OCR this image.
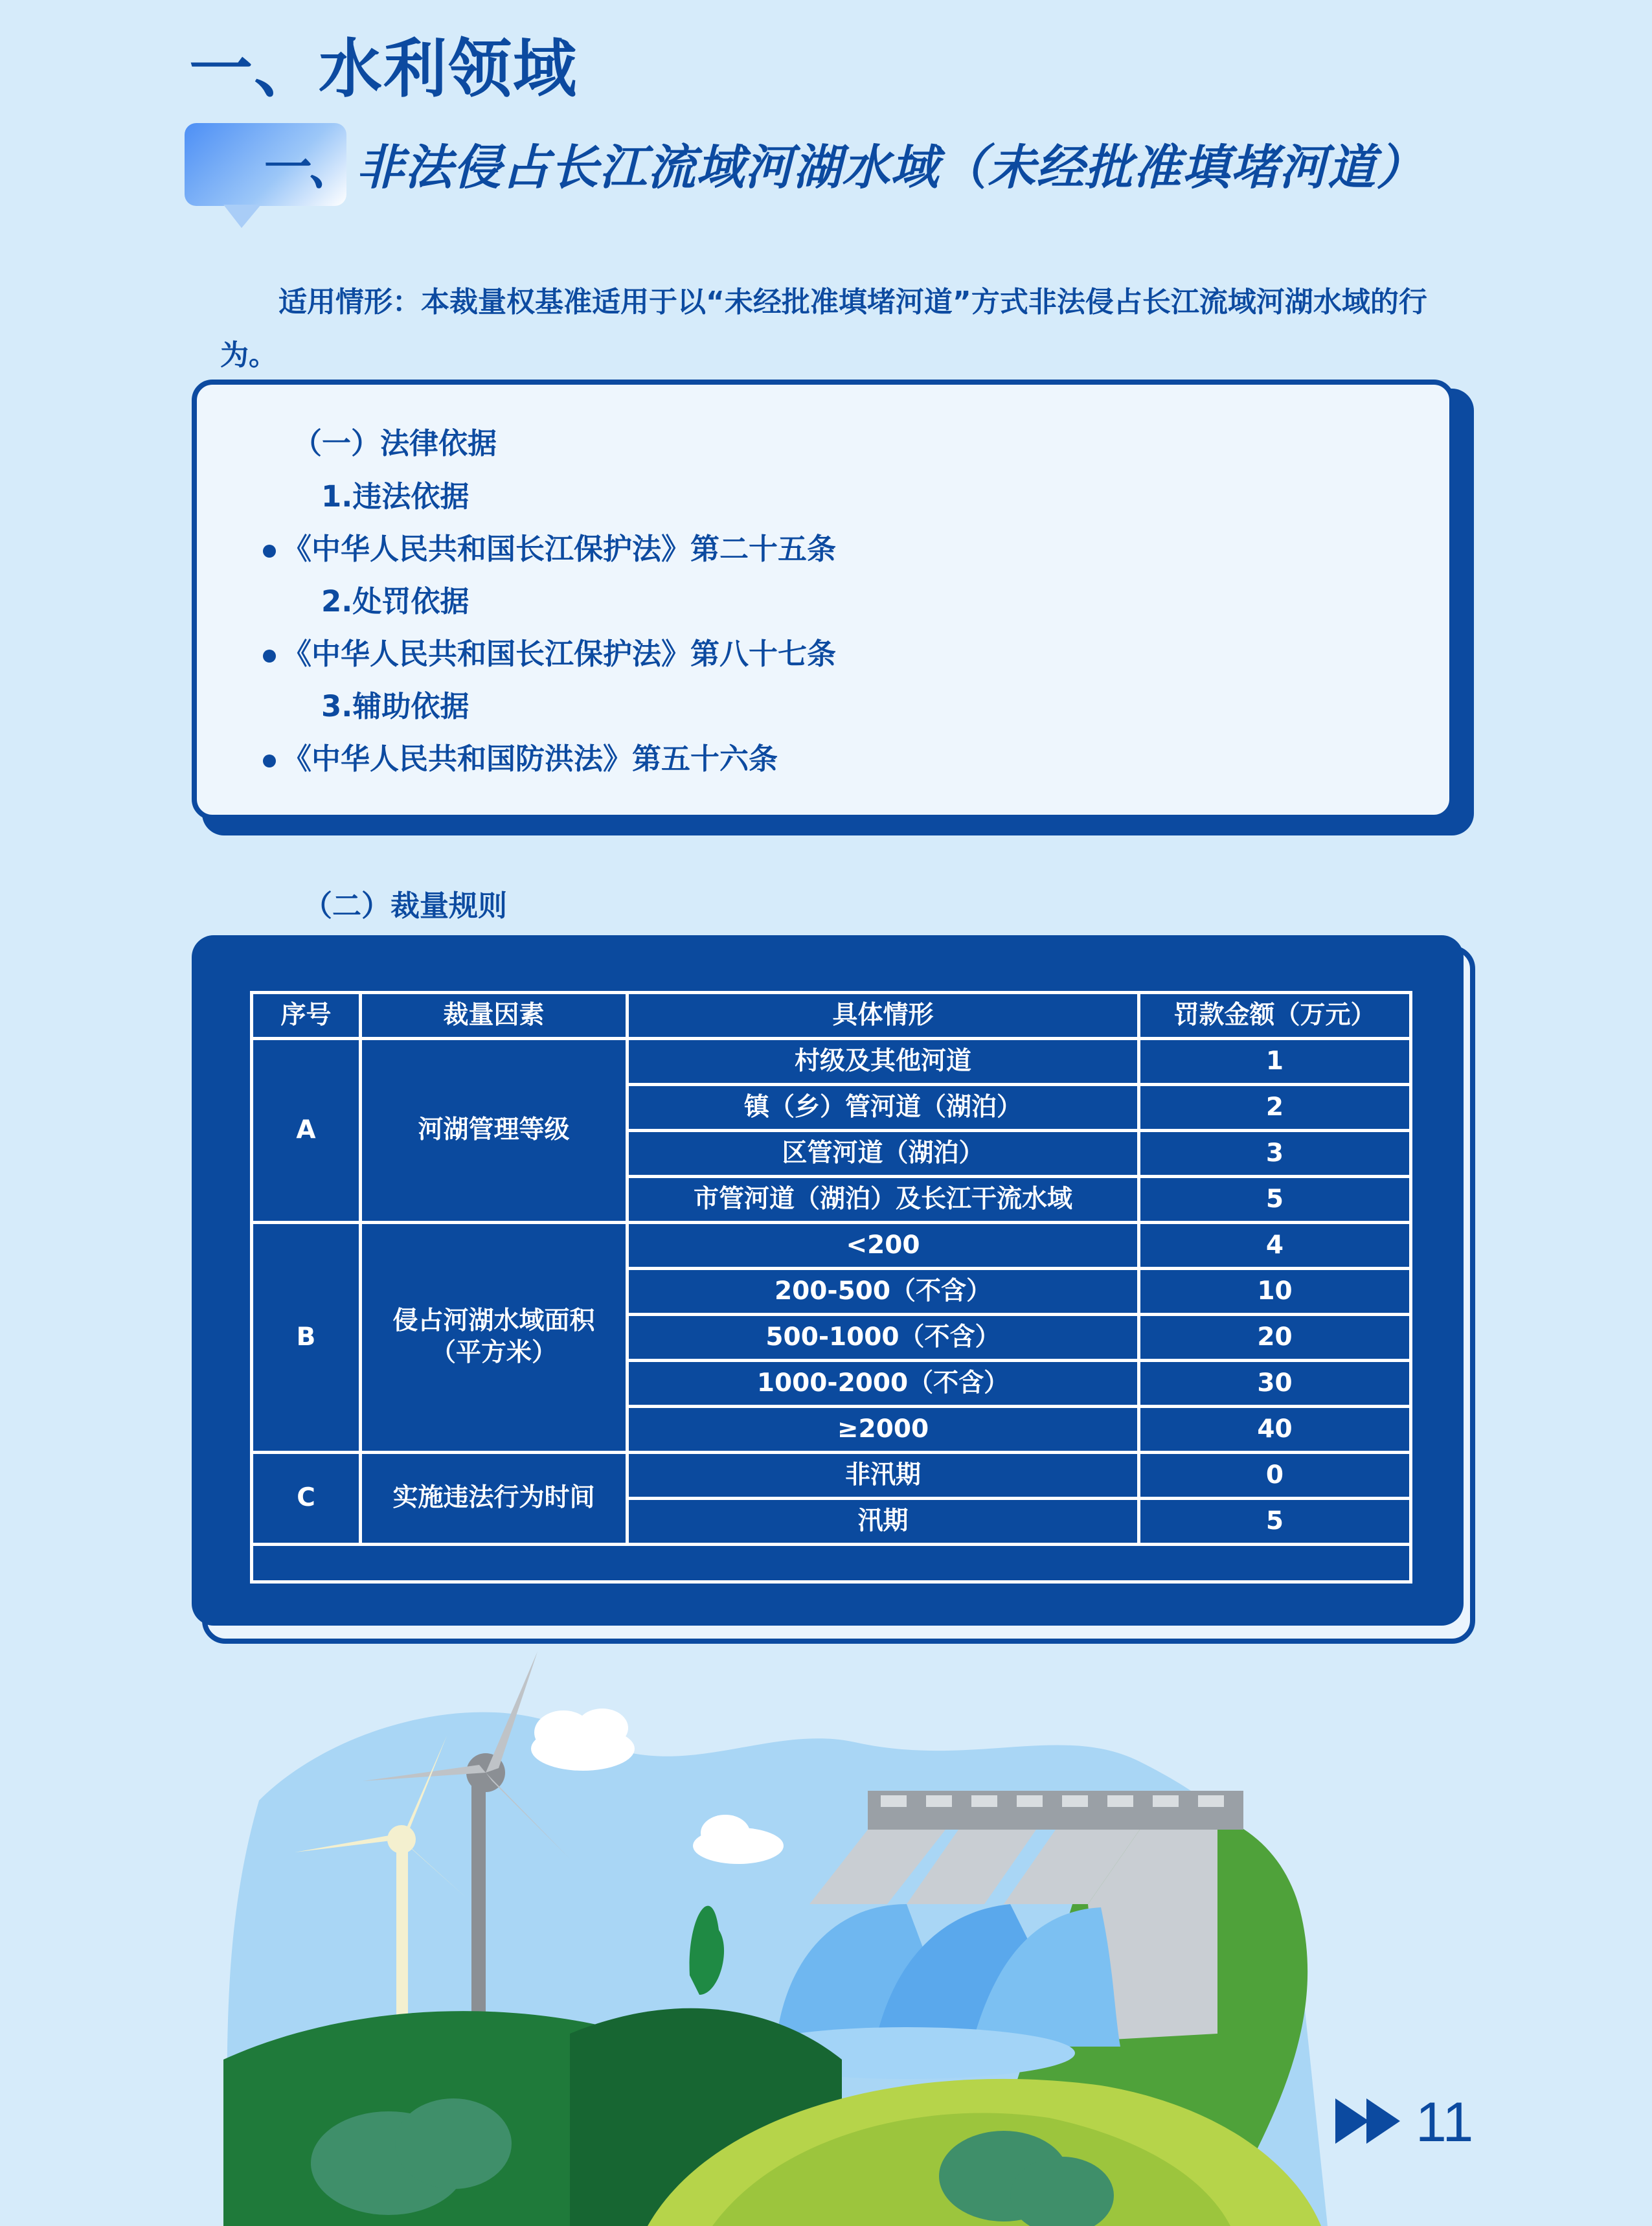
一、水利领域
一、非法侵占长江流域河湖水域（未经批准填堵河道）

适用情形：本裁量权基准适用于以“未经批准填堵河道”方式非法侵占长江流域河湖水域的行为。

（一）法律依据
1.违法依据
《中华人民共和国长江保护法》第二十五条
2.处罚依据
《中华人民共和国长江保护法》第八十七条
3.辅助依据
《中华人民共和国防洪法》第五十六条
（二）裁量规则
序号	裁量因素	具体情形	罚款金额（万元）
A	河湖管理等级	村级及其他河道	1
		镇（乡）管河道（湖泊）	2
		区管河道（湖泊）	3
		市管河道（湖泊）及长江干流水域	5
B	侵占河湖水域面积（平方米）	<200	4
		200-500（不含）	10
		500-1000（不含）	20
		1000-2000（不含）	30
		≥2000	40
C	实施违法行为时间	非汛期	0
		汛期	5

11
